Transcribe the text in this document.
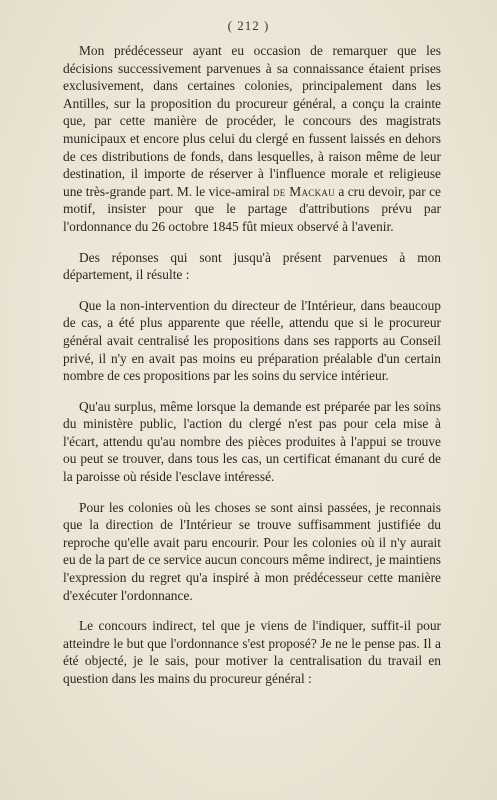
( 212 )

Mon prédécesseur ayant eu occasion de remarquer que les décisions successivement parvenues à sa connaissance étaient prises exclusivement, dans certaines colonies, principalement dans les Antilles, sur la proposition du procureur général, a conçu la crainte que, par cette manière de procéder, le concours des magistrats municipaux et encore plus celui du clergé en fussent laissés en dehors de ces distributions de fonds, dans lesquelles, à raison même de leur destination, il importe de réserver à l'influence morale et religieuse une très-grande part. M. le vice-amiral de Mackau a cru devoir, par ce motif, insister pour que le partage d'attributions prévu par l'ordonnance du 26 octobre 1845 fût mieux observé à l'avenir.

Des réponses qui sont jusqu'à présent parvenues à mon département, il résulte :

Que la non-intervention du directeur de l'Intérieur, dans beaucoup de cas, a été plus apparente que réelle, attendu que si le procureur général avait centralisé les propositions dans ses rapports au Conseil privé, il n'y en avait pas moins eu préparation préalable d'un certain nombre de ces propositions par les soins du service intérieur.

Qu'au surplus, même lorsque la demande est préparée par les soins du ministère public, l'action du clergé n'est pas pour cela mise à l'écart, attendu qu'au nombre des pièces produites à l'appui se trouve ou peut se trouver, dans tous les cas, un certificat émanant du curé de la paroisse où réside l'esclave intéressé.

Pour les colonies où les choses se sont ainsi passées, je reconnais que la direction de l'Intérieur se trouve suffisamment justifiée du reproche qu'elle avait paru encourir. Pour les colonies où il n'y aurait eu de la part de ce service aucun concours même indirect, je maintiens l'expression du regret qu'a inspiré à mon prédécesseur cette manière d'exécuter l'ordonnance.

Le concours indirect, tel que je viens de l'indiquer, suffit-il pour atteindre le but que l'ordonnance s'est proposé? Je ne le pense pas. Il a été objecté, je le sais, pour motiver la centralisation du travail en question dans les mains du procureur général :
